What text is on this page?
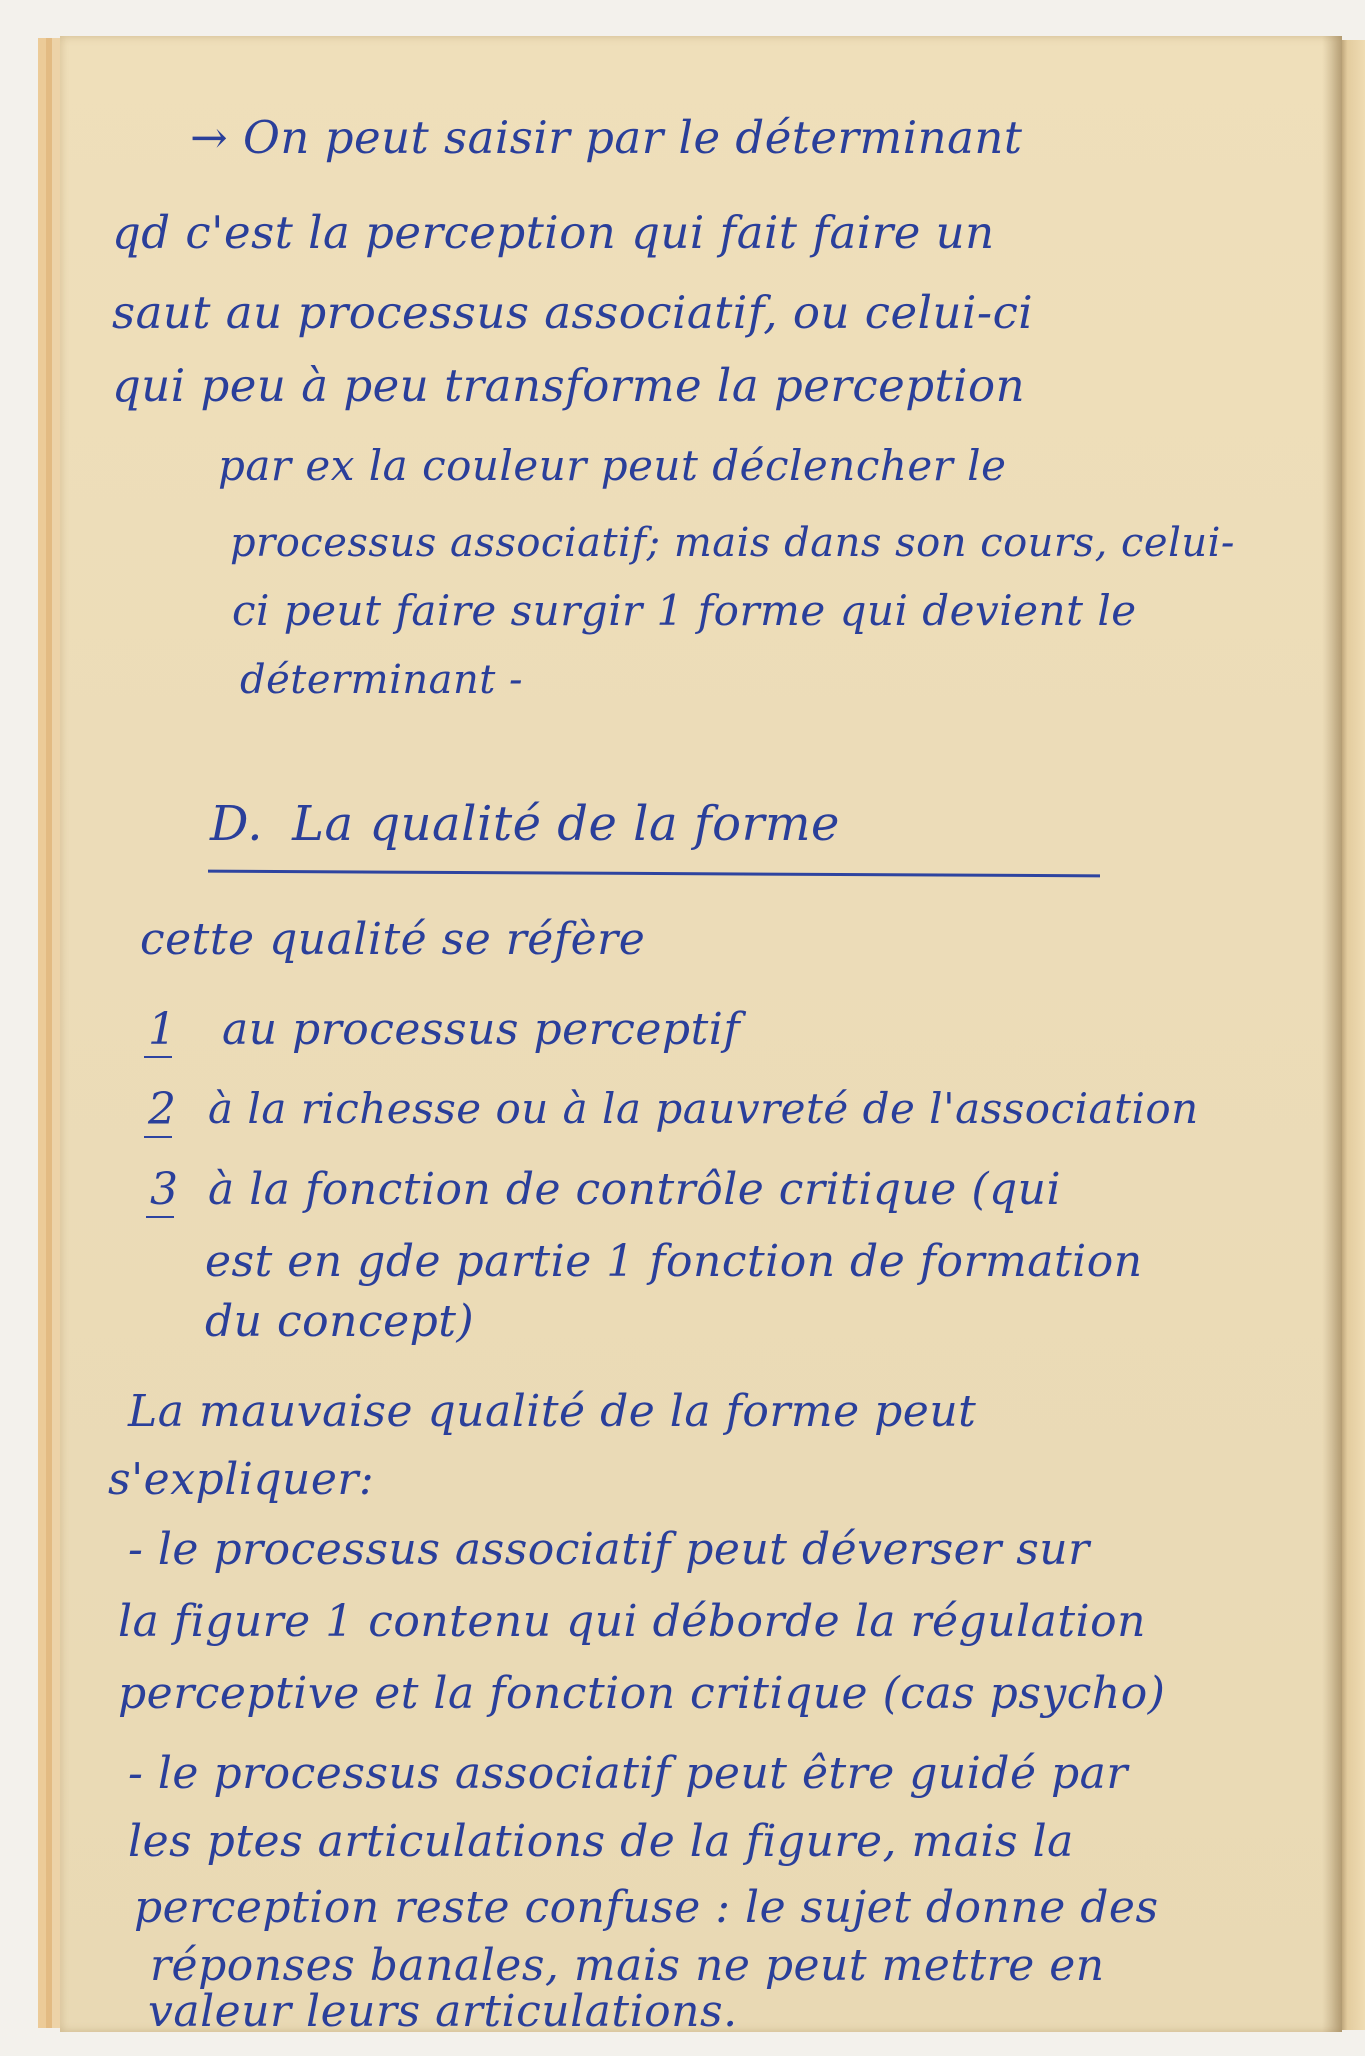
→ On peut saisir par le déterminant
qd c'est la perception qui fait faire un
saut au processus associatif, ou celui-ci
qui peu à peu transforme la perception
par ex la couleur peut déclencher le
processus associatif; mais dans son cours, celui-
ci peut faire surgir 1 forme qui devient le
déterminant -
D. La qualité de la forme
cette qualité se réfère
1 au processus perceptif
2 à la richesse ou à la pauvreté de l'association
3 à la fonction de contrôle critique (qui
est en gde partie 1 fonction de formation
du concept)
La mauvaise qualité de la forme peut
s'expliquer:
- le processus associatif peut déverser sur
la figure 1 contenu qui déborde la régulation
perceptive et la fonction critique (cas psycho)
- le processus associatif peut être guidé par
les ptes articulations de la figure, mais la
perception reste confuse : le sujet donne des
réponses banales, mais ne peut mettre en
valeur leurs articulations.
